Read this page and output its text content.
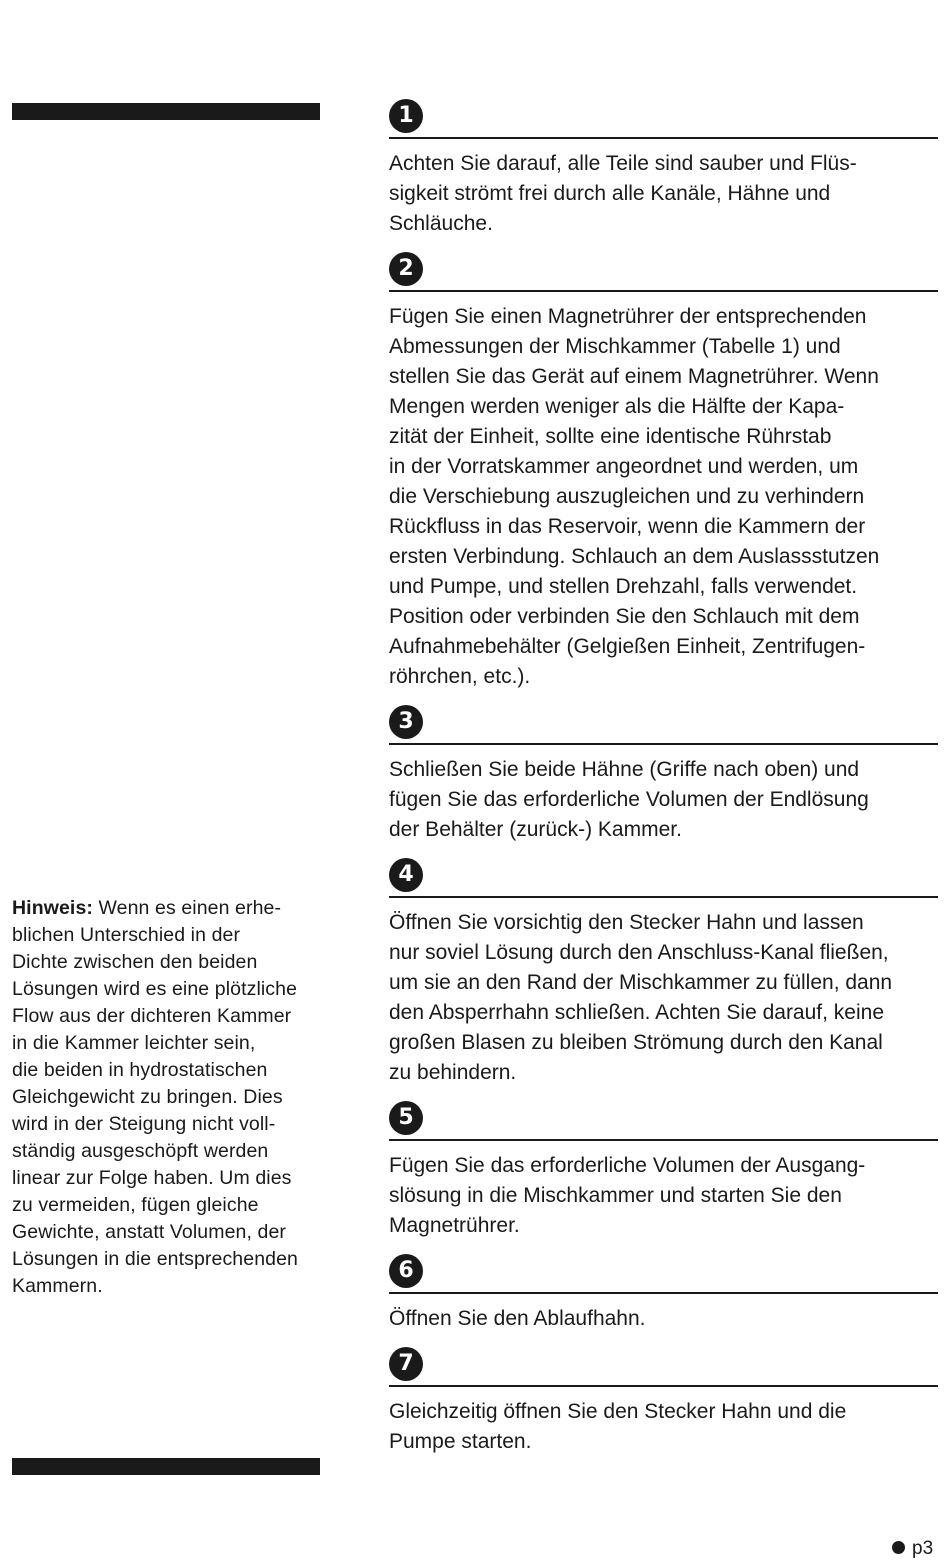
Hinweis: Wenn es einen erhe-
blichen Unterschied in der
Dichte zwischen den beiden
Lösungen wird es eine plötzliche
Flow aus der dichteren Kammer
in die Kammer leichter sein,
die beiden in hydrostatischen
Gleichgewicht zu bringen. Dies
wird in der Steigung nicht voll-
ständig ausgeschöpft werden
linear zur Folge haben. Um dies
zu vermeiden, fügen gleiche
Gewichte, anstatt Volumen, der
Lösungen in die entsprechenden
Kammern.
1
Achten Sie darauf, alle Teile sind sauber und Flüs-
sigkeit strömt frei durch alle Kanäle, Hähne und
Schläuche.
2
Fügen Sie einen Magnetrührer der entsprechenden
Abmessungen der Mischkammer (Tabelle 1) und
stellen Sie das Gerät auf einem Magnetrührer. Wenn
Mengen werden weniger als die Hälfte der Kapa-
zität der Einheit, sollte eine identische Rührstab
in der Vorratskammer angeordnet und werden, um
die Verschiebung auszugleichen und zu verhindern
Rückfluss in das Reservoir, wenn die Kammern der
ersten Verbindung. Schlauch an dem Auslassstutzen
und Pumpe, und stellen Drehzahl, falls verwendet.
Position oder verbinden Sie den Schlauch mit dem
Aufnahmebehälter (Gelgießen Einheit, Zentrifugen-
röhrchen, etc.).
3
Schließen Sie beide Hähne (Griffe nach oben) und
fügen Sie das erforderliche Volumen der Endlösung
der Behälter (zurück-) Kammer.
4
Öffnen Sie vorsichtig den Stecker Hahn und lassen
nur soviel Lösung durch den Anschluss-Kanal fließen,
um sie an den Rand der Mischkammer zu füllen, dann
den Absperrhahn schließen. Achten Sie darauf, keine
großen Blasen zu bleiben Strömung durch den Kanal
zu behindern.
5
Fügen Sie das erforderliche Volumen der Ausgang-
slösung in die Mischkammer und starten Sie den
Magnetrührer.
6
Öffnen Sie den Ablaufhahn.
7
Gleichzeitig öffnen Sie den Stecker Hahn und die
Pumpe starten.
p3
